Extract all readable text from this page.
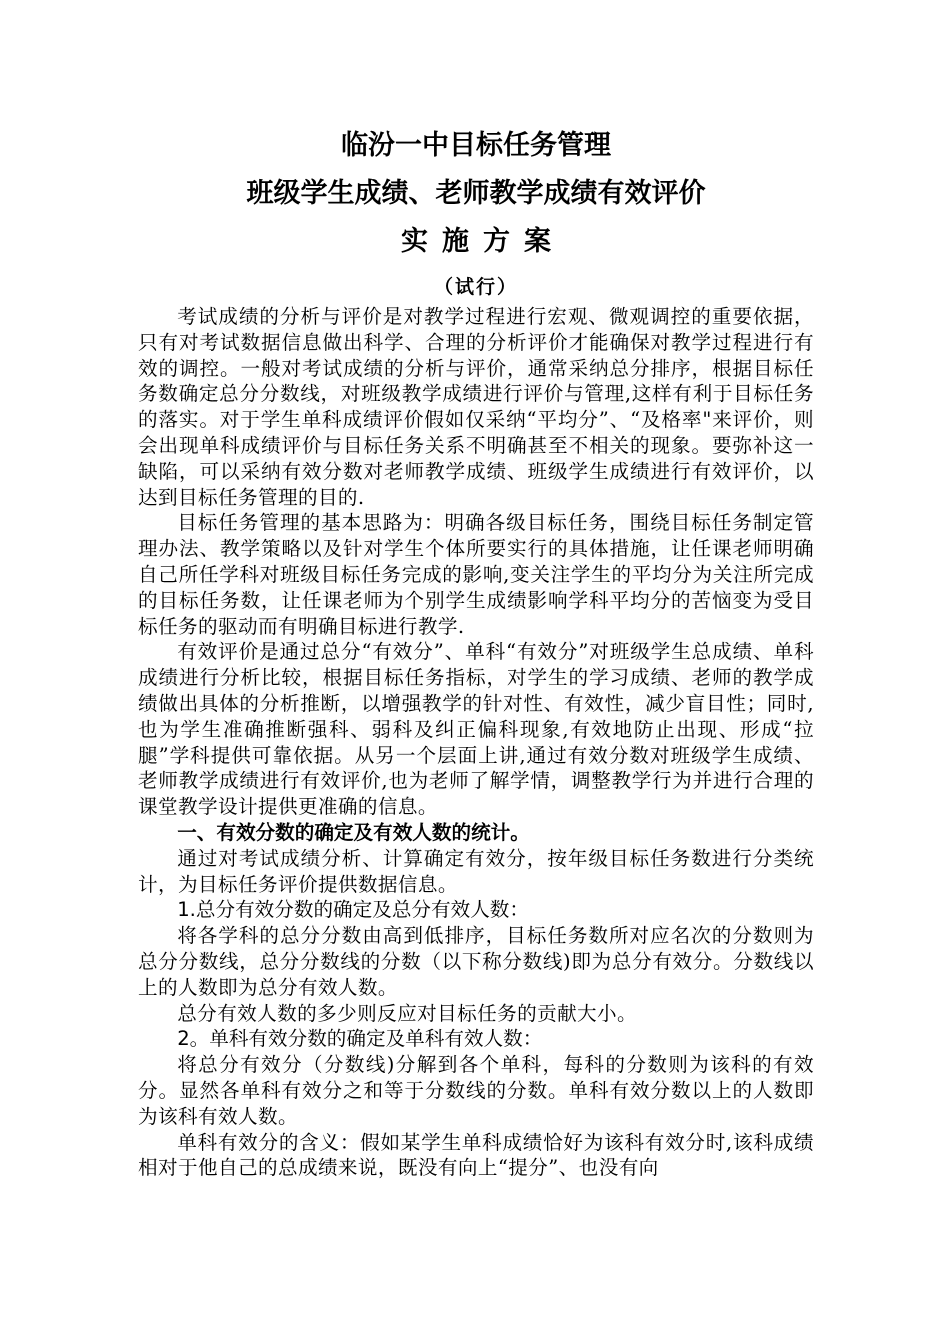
临汾一中目标任务管理
班级学生成绩、老师教学成绩有效评价
实施方案
（试行）

考试成绩的分析与评价是对教学过程进行宏观、微观调控的重要依据，只有对考试数据信息做出科学、合理的分析评价才能确保对教学过程进行有效的调控。一般对考试成绩的分析与评价，通常采纳总分排序，根据目标任务数确定总分分数线，对班级教学成绩进行评价与管理,这样有利于目标任务的落实。对于学生单科成绩评价假如仅采纳“平均分”、“及格率"来评价，则会出现单科成绩评价与目标任务关系不明确甚至不相关的现象。要弥补这一缺陷，可以采纳有效分数对老师教学成绩、班级学生成绩进行有效评价，以达到目标任务管理的目的.

目标任务管理的基本思路为：明确各级目标任务，围绕目标任务制定管理办法、教学策略以及针对学生个体所要实行的具体措施，让任课老师明确自己所任学科对班级目标任务完成的影响,变关注学生的平均分为关注所完成的目标任务数，让任课老师为个别学生成绩影响学科平均分的苦恼变为受目标任务的驱动而有明确目标进行教学.

有效评价是通过总分“有效分”、单科“有效分”对班级学生总成绩、单科成绩进行分析比较，根据目标任务指标，对学生的学习成绩、老师的教学成绩做出具体的分析推断，以增强教学的针对性、有效性，减少盲目性；同时,也为学生准确推断强科、弱科及纠正偏科现象,有效地防止出现、形成“拉腿”学科提供可靠依据。从另一个层面上讲,通过有效分数对班级学生成绩、老师教学成绩进行有效评价,也为老师了解学情，调整教学行为并进行合理的课堂教学设计提供更准确的信息。

一、有效分数的确定及有效人数的统计。

通过对考试成绩分析、计算确定有效分，按年级目标任务数进行分类统计，为目标任务评价提供数据信息。

1.总分有效分数的确定及总分有效人数：

将各学科的总分分数由高到低排序，目标任务数所对应名次的分数则为总分分数线，总分分数线的分数（以下称分数线)即为总分有效分。分数线以上的人数即为总分有效人数。

总分有效人数的多少则反应对目标任务的贡献大小。

2。单科有效分数的确定及单科有效人数：

将总分有效分（分数线)分解到各个单科，每科的分数则为该科的有效分。显然各单科有效分之和等于分数线的分数。单科有效分数以上的人数即为该科有效人数。

单科有效分的含义：假如某学生单科成绩恰好为该科有效分时,该科成绩相对于他自己的总成绩来说，既没有向上“提分”、也没有向
